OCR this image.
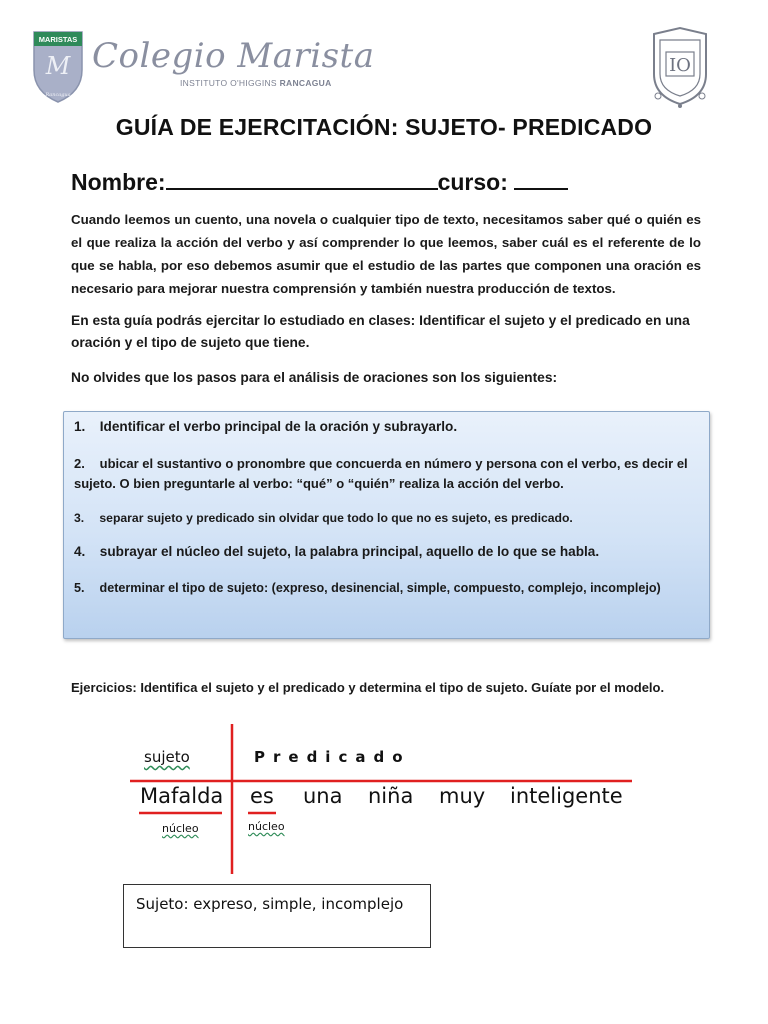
MARISTAS
M
Rancagua
Colegio Marista
INSTITUTO O'HIGGINS RANCAGUA
IO
GUÍA DE EJERCITACIÓN: SUJETO- PREDICADO
Nombre:	curso:
Cuando leemos un cuento, una novela o cualquier tipo de texto, necesitamos saber qué o quién es el que realiza la acción del verbo y así comprender lo que leemos, saber cuál es el referente de lo que se habla, por eso debemos asumir que el estudio de las partes que componen una oración es necesario para mejorar nuestra comprensión y también nuestra producción de textos.
En esta guía podrás ejercitar lo estudiado en clases: Identificar el sujeto y el predicado en una oración y el tipo de sujeto que tiene.
No olvides que los pasos para el análisis de oraciones son los siguientes:
1. Identificar el verbo principal de la oración y subrayarlo.
2. ubicar el sustantivo o pronombre que concuerda en número y persona con el verbo, es decir el sujeto. O bien preguntarle al verbo: “qué” o “quién” realiza la acción del verbo.
3. separar sujeto y predicado sin olvidar que todo lo que no es sujeto, es predicado.
4. subrayar el núcleo del sujeto, la palabra principal, aquello de lo que se habla.
5. determinar el tipo de sujeto: (expreso, desinencial, simple, compuesto, complejo, incomplejo)
Ejercicios: Identifica el sujeto y el predicado y determina el tipo de sujeto. Guíate por el modelo.
sujeto	Predicado
Mafalda es una niña muy inteligente
núcleo	núcleo
Sujeto: expreso, simple, incomplejo
